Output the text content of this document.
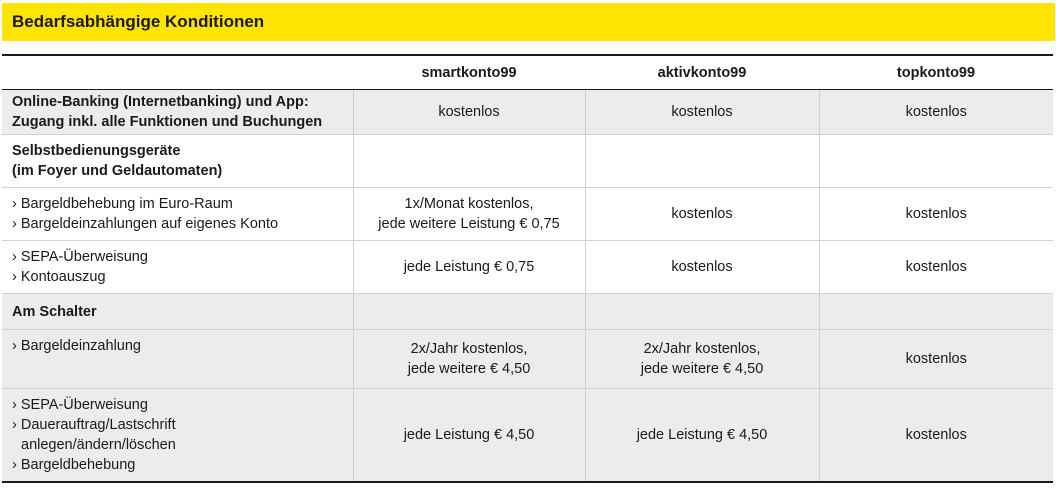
Bedarfsabhängige Konditionen
	smartkonto99	aktivkonto99	topkonto99

Online-Banking (Internetbanking) und App:
Zugang inkl. alle Funktionen und Buchungen	kostenlos	kostenlos	kostenlos

Selbstbedienungsgeräte
(im Foyer und Geldautomaten)			

› Bargeldbehebung im Euro-Raum
› Bargeldeinzahlungen auf eigenes Konto	1x/Monat kostenlos,
jede weitere Leistung € 0,75	kostenlos	kostenlos

› SEPA-Überweisung
› Kontoauszug	jede Leistung € 0,75	kostenlos	kostenlos

Am Schalter			

› Bargeldeinzahlung	2x/Jahr kostenlos,
jede weitere € 4,50	2x/Jahr kostenlos,
jede weitere € 4,50	kostenlos

› SEPA-Überweisung
› Dauerauftrag/Lastschrift
anlegen/ändern/löschen
› Bargeldbehebung	jede Leistung € 4,50	jede Leistung € 4,50	kostenlos
